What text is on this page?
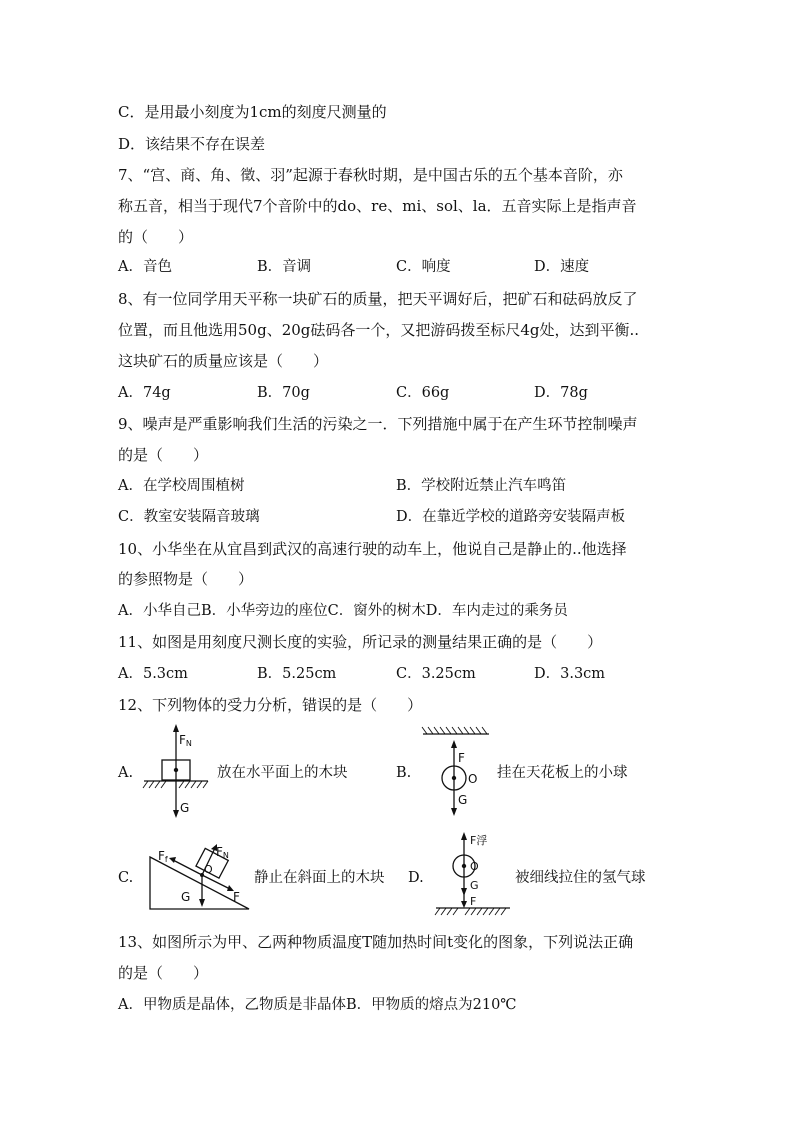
C．是用最小刻度为1cm的刻度尺测量的
D．该结果不存在误差
7、“宫、商、角、徵、羽”起源于春秋时期，是中国古乐的五个基本音阶，亦
称五音，相当于现代7个音阶中的do、re、mi、sol、la．五音实际上是指声音
的（　　）
A．音色	B．音调	C．响度	D．速度
8、有一位同学用天平称一块矿石的质量，把天平调好后，把矿石和砝码放反了
位置，而且他选用50g、20g砝码各一个，又把游码拨至标尺4g处，达到平衡..
这块矿石的质量应该是（　　）
A．74g	B．70g	C．66g	D．78g
9、噪声是严重影响我们生活的污染之一．下列措施中属于在产生环节控制噪声
的是（　　）
A．在学校周围植树	B．学校附近禁止汽车鸣笛
C．教室安装隔音玻璃	D．在靠近学校的道路旁安装隔声板
10、小华坐在从宜昌到武汉的高速行驶的动车上，他说自己是静止的..他选择
的参照物是（　　）
A．小华自己B．小华旁边的座位C．窗外的树木D．车内走过的乘务员
11、如图是用刻度尺测长度的实验，所记录的测量结果正确的是（　　）
A．5.3cm	B．5.25cm	C．3.25cm	D．3.3cm
12、下列物体的受力分析，错误的是（　　）
A.
FN
G
放在水平面上的木块	B.
F
O
G
挂在天花板上的小球
C.
Ff
FN
O
G	F
静止在斜面上的木块 D.
F浮
O
G
F
被细线拉住的氢气球
13、如图所示为甲、乙两种物质温度T随加热时间t变化的图象，下列说法正确
的是（　　）
A．甲物质是晶体，乙物质是非晶体B．甲物质的熔点为210℃
